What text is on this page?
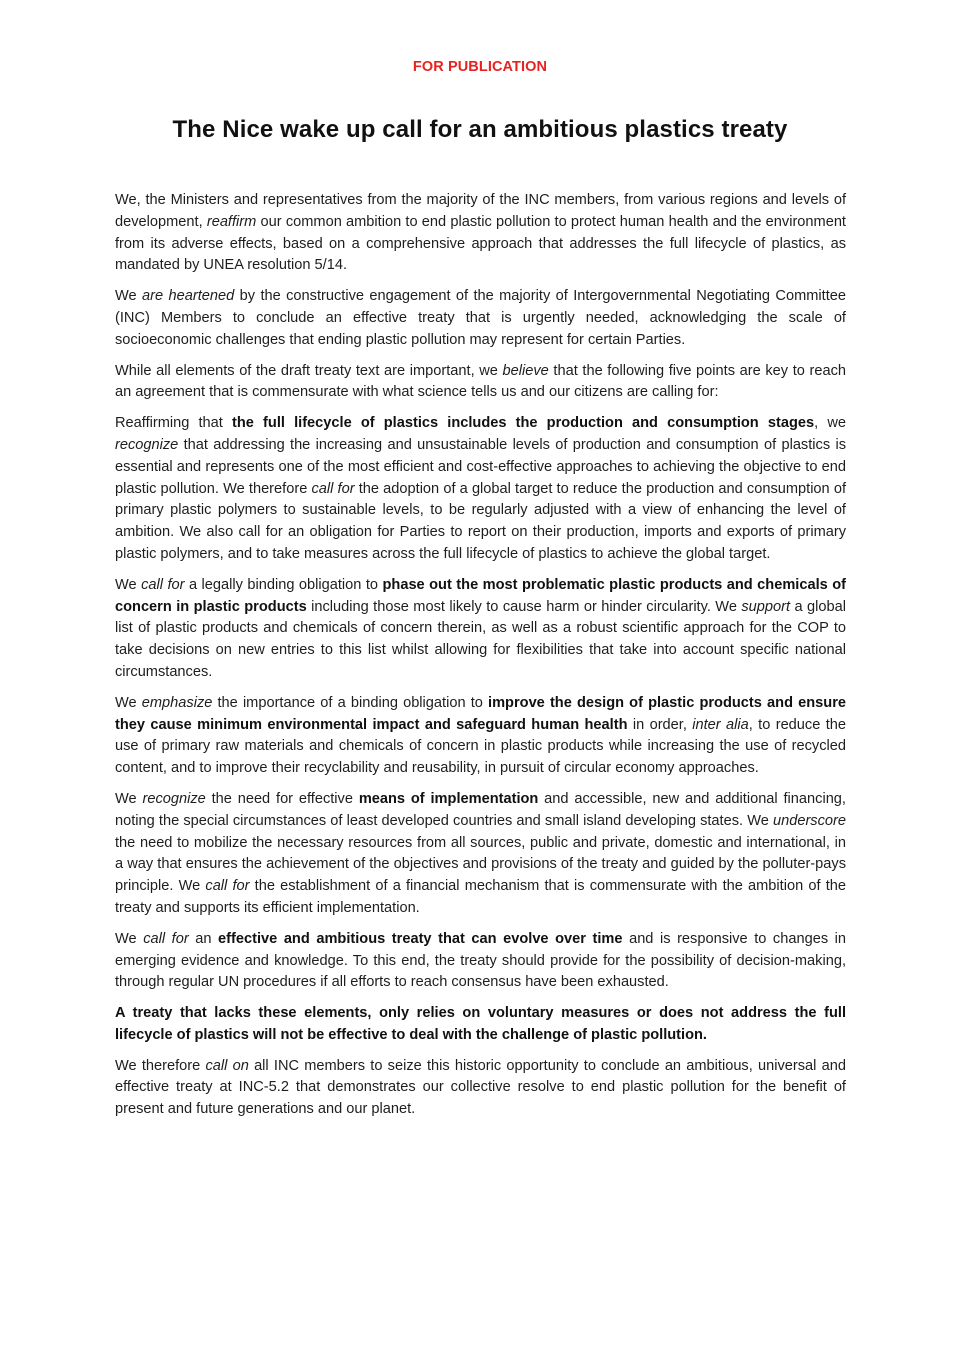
FOR PUBLICATION
The Nice wake up call for an ambitious plastics treaty

We, the Ministers and representatives from the majority of the INC members, from various regions and levels of development, reaffirm our common ambition to end plastic pollution to protect human health and the environment from its adverse effects, based on a comprehensive approach that addresses the full lifecycle of plastics, as mandated by UNEA resolution 5/14.

We are heartened by the constructive engagement of the majority of Intergovernmental Negotiating Committee (INC) Members to conclude an effective treaty that is urgently needed, acknowledging the scale of socioeconomic challenges that ending plastic pollution may represent for certain Parties.

While all elements of the draft treaty text are important, we believe that the following five points are key to reach an agreement that is commensurate with what science tells us and our citizens are calling for:

Reaffirming that the full lifecycle of plastics includes the production and consumption stages, we recognize that addressing the increasing and unsustainable levels of production and consumption of plastics is essential and represents one of the most efficient and cost-effective approaches to achieving the objective to end plastic pollution. We therefore call for the adoption of a global target to reduce the production and consumption of primary plastic polymers to sustainable levels, to be regularly adjusted with a view of enhancing the level of ambition. We also call for an obligation for Parties to report on their production, imports and exports of primary plastic polymers, and to take measures across the full lifecycle of plastics to achieve the global target.

We call for a legally binding obligation to phase out the most problematic plastic products and chemicals of concern in plastic products including those most likely to cause harm or hinder circularity. We support a global list of plastic products and chemicals of concern therein, as well as a robust scientific approach for the COP to take decisions on new entries to this list whilst allowing for flexibilities that take into account specific national circumstances.

We emphasize the importance of a binding obligation to improve the design of plastic products and ensure they cause minimum environmental impact and safeguard human health in order, inter alia, to reduce the use of primary raw materials and chemicals of concern in plastic products while increasing the use of recycled content, and to improve their recyclability and reusability, in pursuit of circular economy approaches.

We recognize the need for effective means of implementation and accessible, new and additional financing, noting the special circumstances of least developed countries and small island developing states. We underscore the need to mobilize the necessary resources from all sources, public and private, domestic and international, in a way that ensures the achievement of the objectives and provisions of the treaty and guided by the polluter-pays principle. We call for the establishment of a financial mechanism that is commensurate with the ambition of the treaty and supports its efficient implementation.

We call for an effective and ambitious treaty that can evolve over time and is responsive to changes in emerging evidence and knowledge. To this end, the treaty should provide for the possibility of decision-making, through regular UN procedures if all efforts to reach consensus have been exhausted.

A treaty that lacks these elements, only relies on voluntary measures or does not address the full lifecycle of plastics will not be effective to deal with the challenge of plastic pollution.

We therefore call on all INC members to seize this historic opportunity to conclude an ambitious, universal and effective treaty at INC-5.2 that demonstrates our collective resolve to end plastic pollution for the benefit of present and future generations and our planet.
